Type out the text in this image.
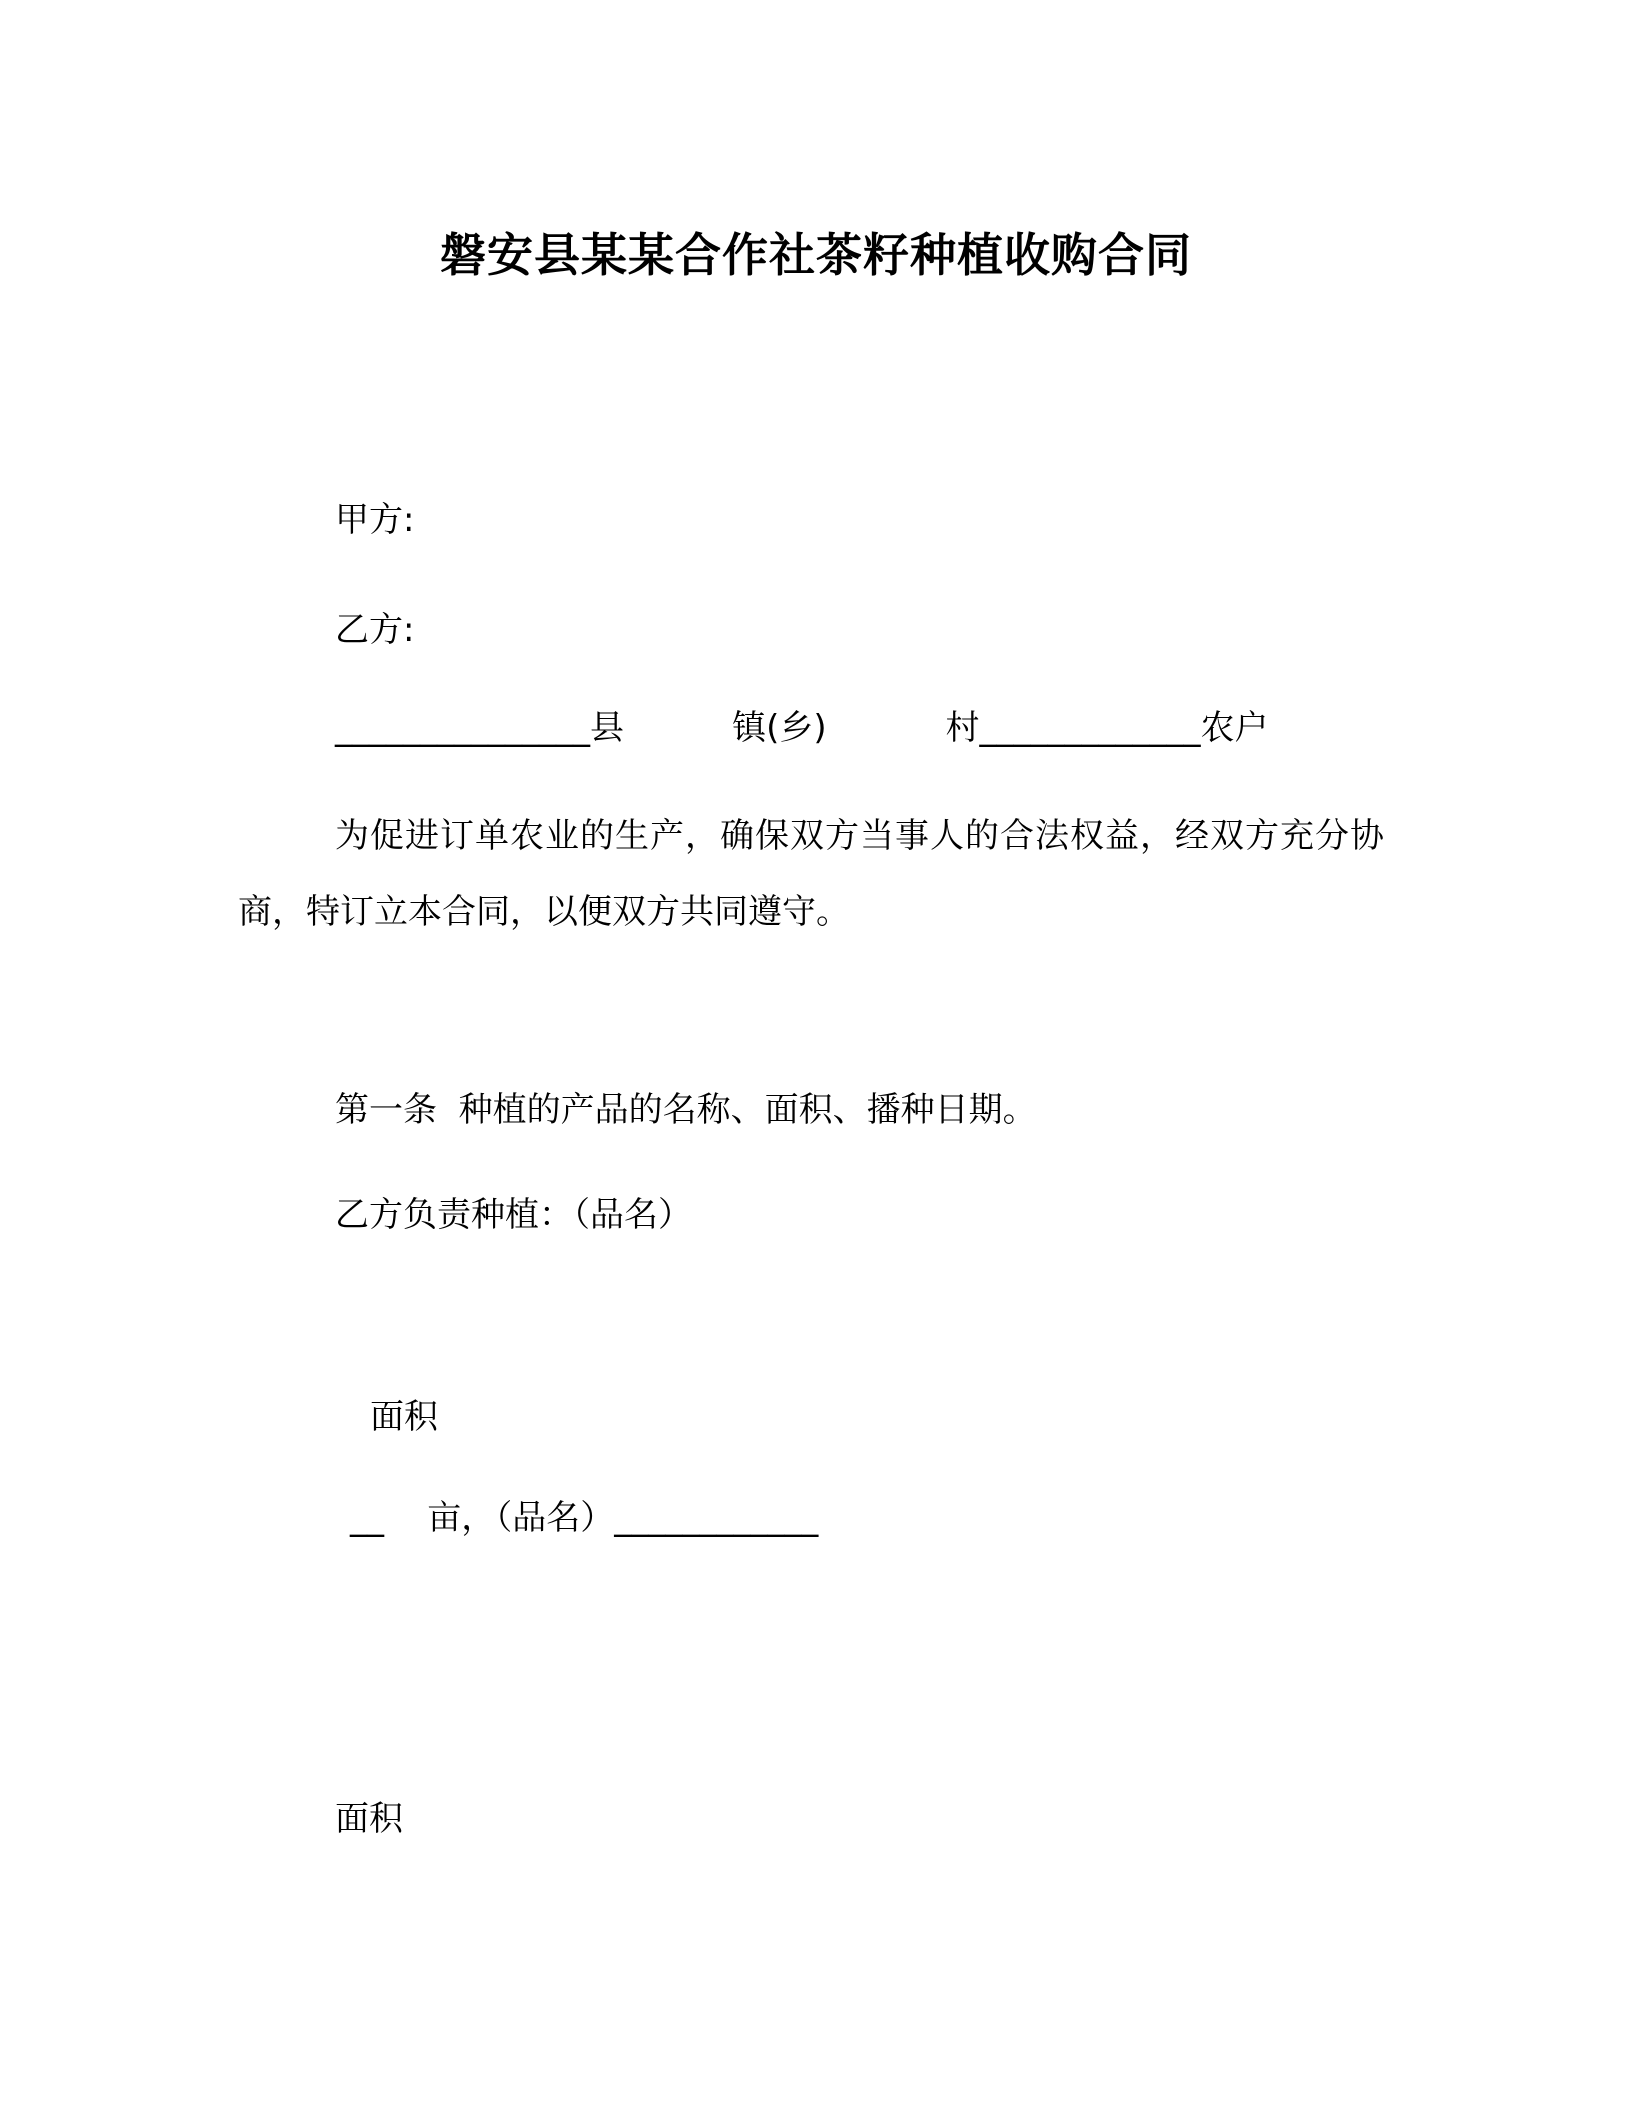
磐安县某某合作社茶籽种植收购合同
甲方:
乙方:
_______________县          镇(乡)           村_____________农户
为促进订单农业的生产，确保双方当事人的合法权益，经双方充分协商，特订立本合同，以便双方共同遵守。
第一条  种植的产品的名称、面积、播种日期。
乙方负责种植：（品名）
面积
__    亩，（品名）____________
面积
